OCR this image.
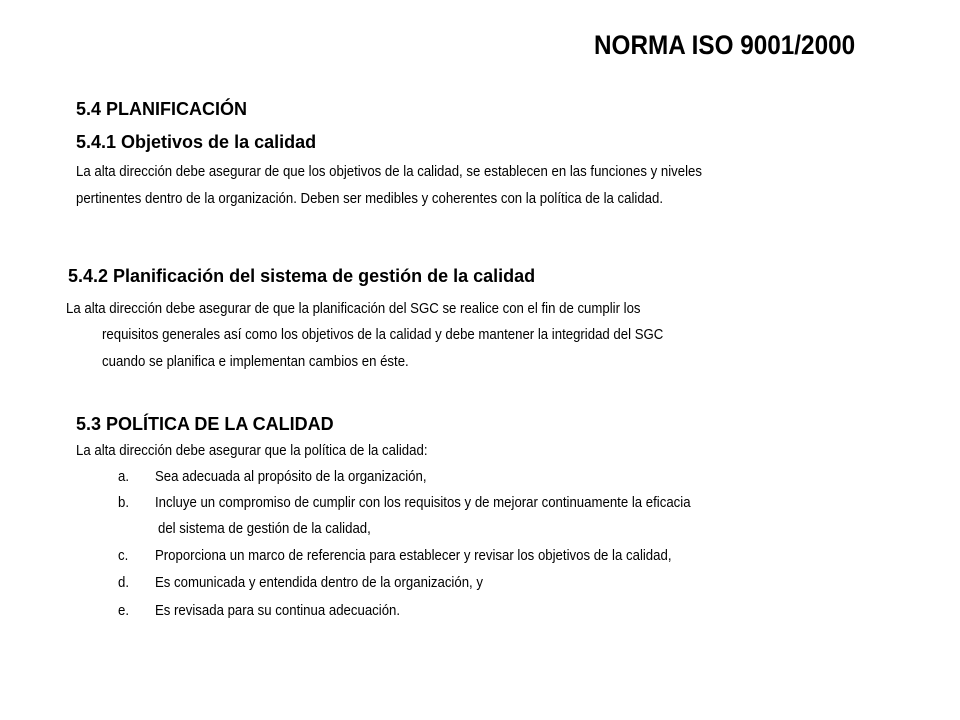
NORMA ISO 9001/2000
5.4 PLANIFICACIÓN
5.4.1 Objetivos de la calidad
La alta dirección debe asegurar de que los objetivos de la calidad, se establecen en las funciones y niveles
pertinentes dentro de la organización. Deben ser medibles y coherentes con la política de la calidad.
5.4.2 Planificación del sistema de gestión de la calidad
La alta dirección debe asegurar de que la planificación del SGC se realice con el fin de cumplir los
requisitos generales así como los objetivos de la calidad y debe mantener la integridad del SGC
cuando se planifica e implementan cambios en éste.
5.3 POLÍTICA DE LA CALIDAD
La alta dirección debe asegurar que la política de la calidad:
a. Sea adecuada al propósito de la organización,
b. Incluye un compromiso de cumplir con los requisitos y de mejorar continuamente la eficacia
del sistema de gestión de la calidad,
c. Proporciona un marco de referencia para establecer y revisar los objetivos de la calidad,
d. Es comunicada y entendida dentro de la organización, y
e. Es revisada para su continua adecuación.
